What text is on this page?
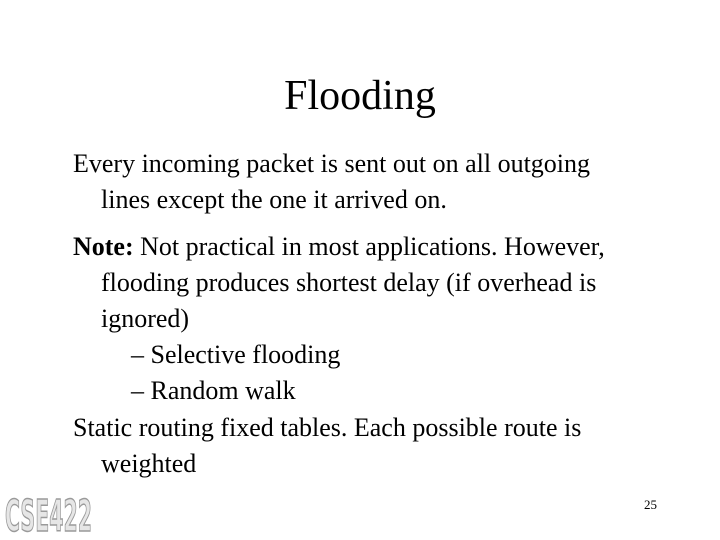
Flooding
Every incoming packet is sent out on all outgoing
lines except the one it arrived on.
Note: Not practical in most applications. However,
flooding produces shortest delay (if overhead is
ignored)
– Selective flooding
– Random walk
Static routing fixed tables. Each possible route is
weighted
CSE422	25
